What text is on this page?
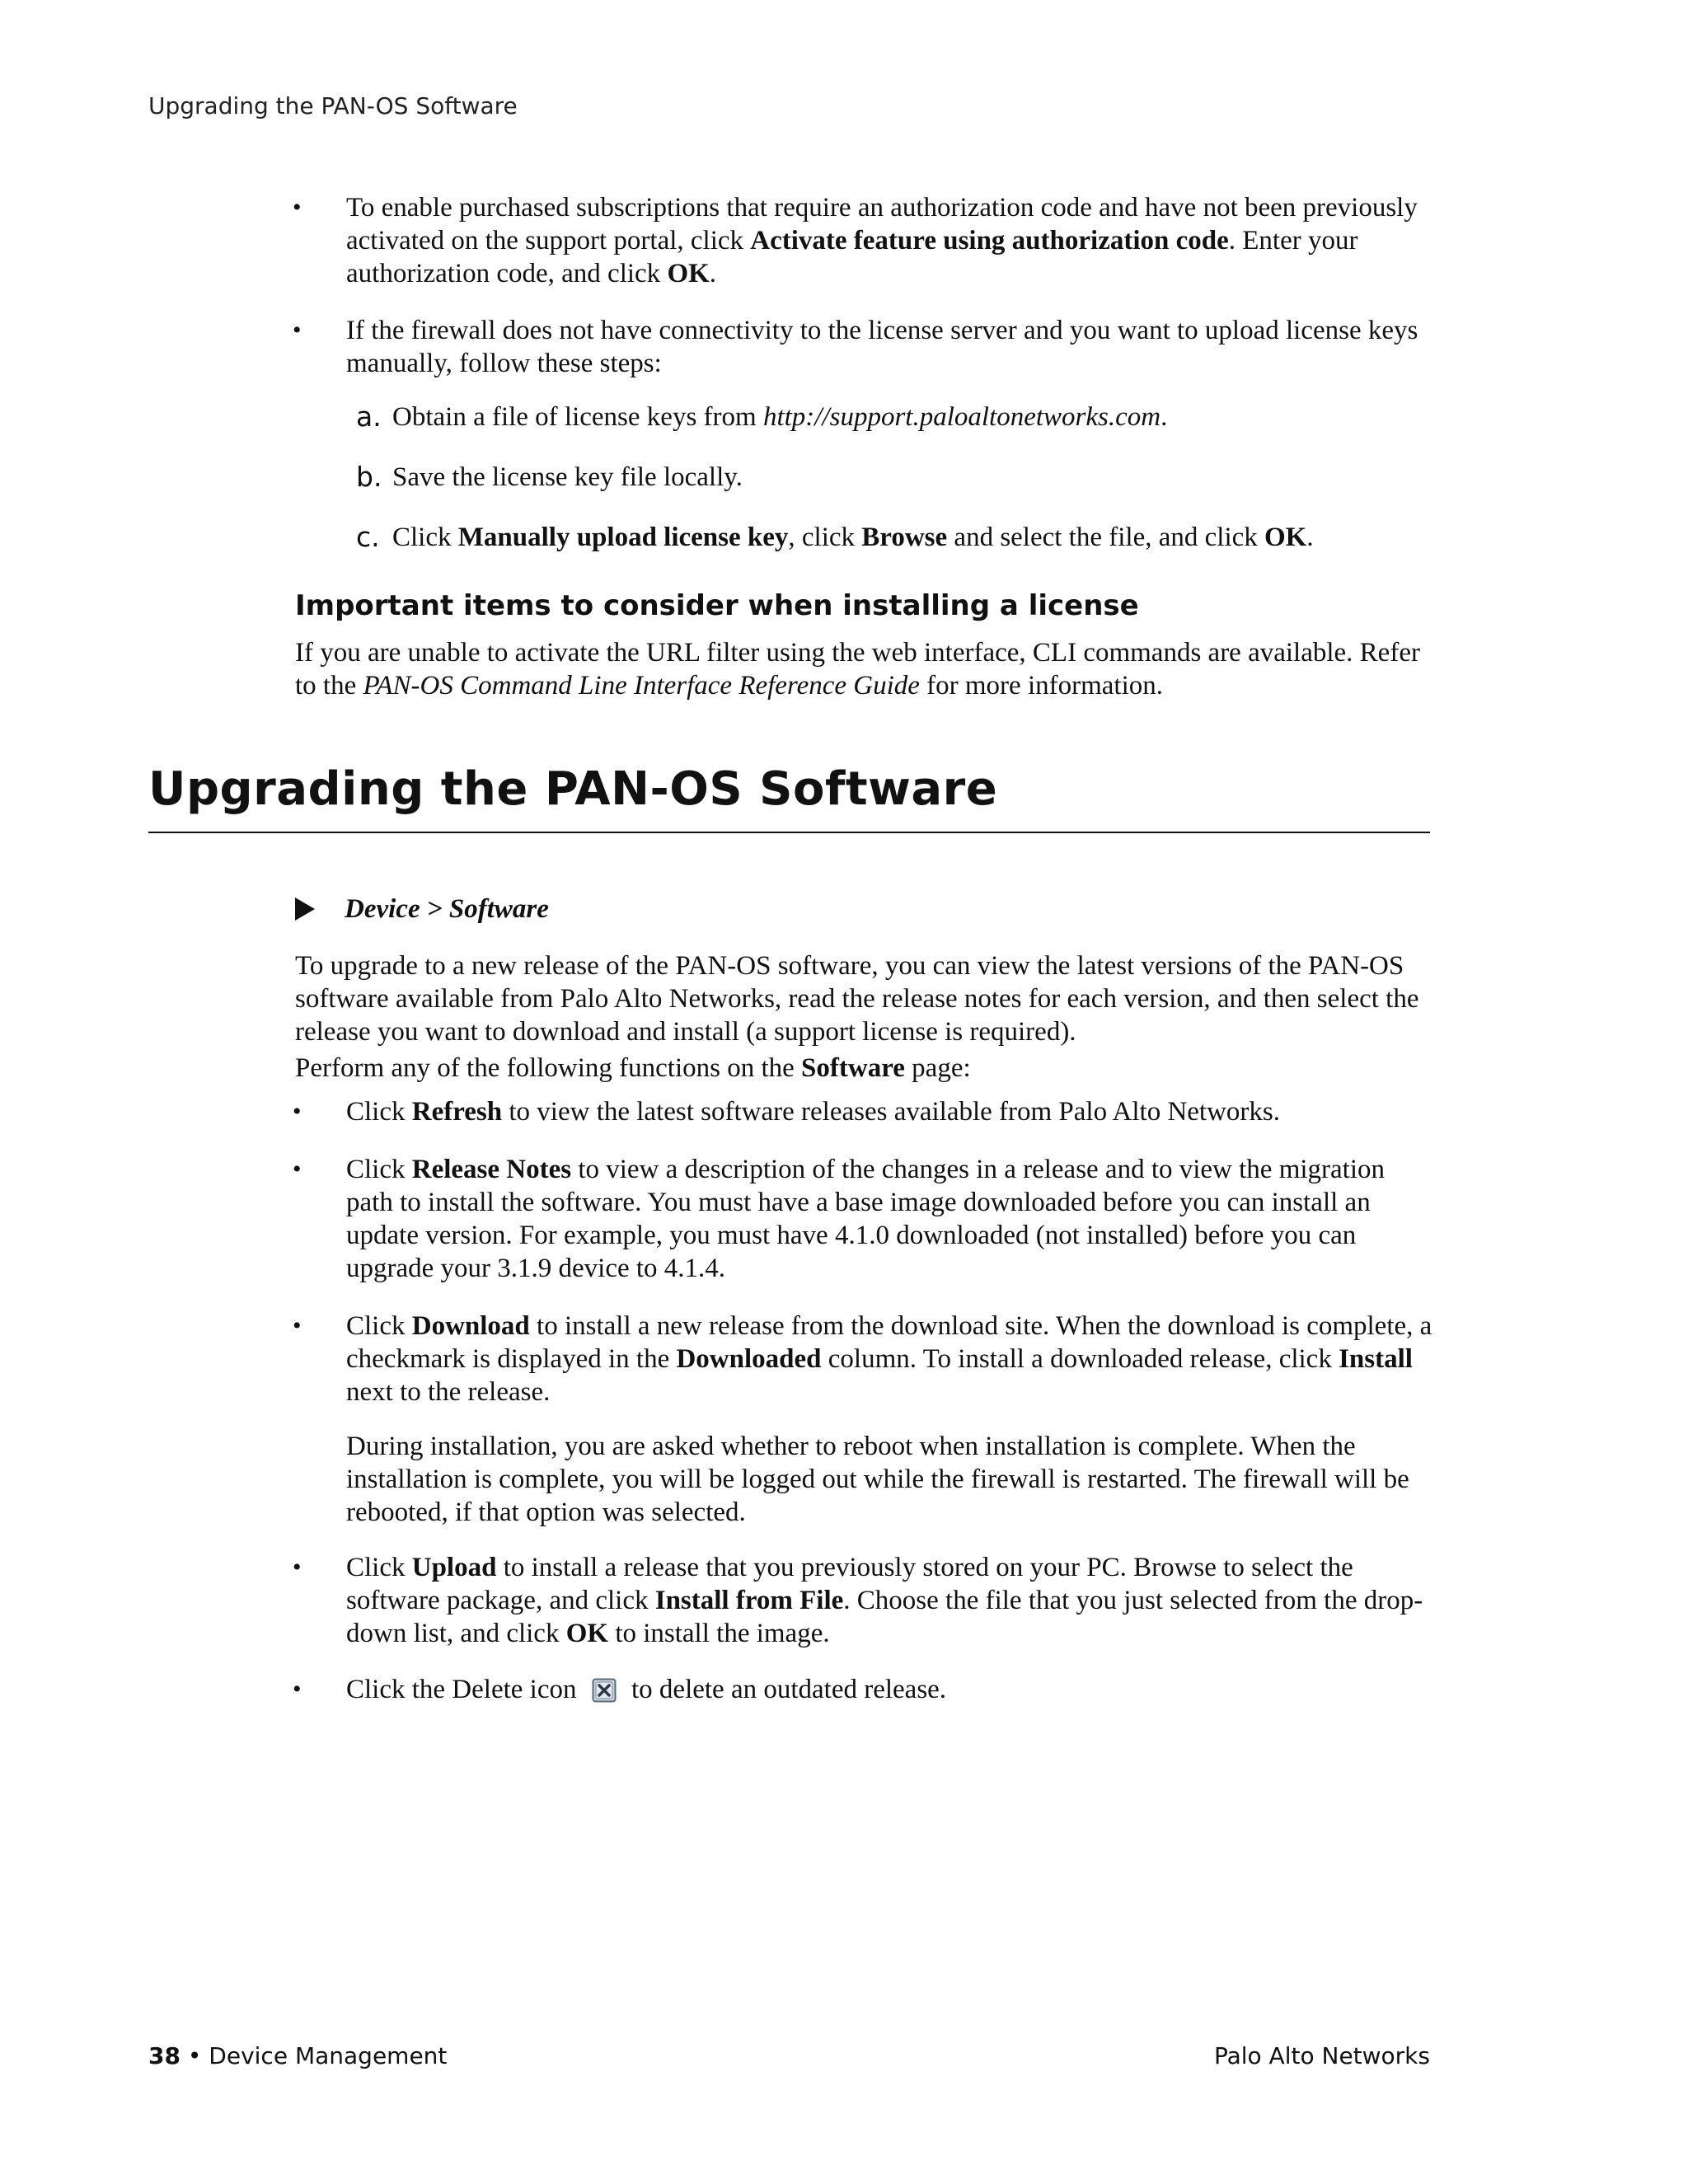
Upgrading the PAN-OS Software
• To enable purchased subscriptions that require an authorization code and have not been previously activated on the support portal, click Activate feature using authorization code. Enter your authorization code, and click OK.
• If the firewall does not have connectivity to the license server and you want to upload license keys manually, follow these steps:
a. Obtain a file of license keys from http://support.paloaltonetworks.com.
b. Save the license key file locally.
c. Click Manually upload license key, click Browse and select the file, and click OK.
Important items to consider when installing a license
If you are unable to activate the URL filter using the web interface, CLI commands are available. Refer to the PAN-OS Command Line Interface Reference Guide for more information.
Upgrading the PAN-OS Software
Device > Software
To upgrade to a new release of the PAN-OS software, you can view the latest versions of the PAN-OS software available from Palo Alto Networks, read the release notes for each version, and then select the release you want to download and install (a support license is required).
Perform any of the following functions on the Software page:
• Click Refresh to view the latest software releases available from Palo Alto Networks.
• Click Release Notes to view a description of the changes in a release and to view the migration path to install the software. You must have a base image downloaded before you can install an update version. For example, you must have 4.1.0 downloaded (not installed) before you can upgrade your 3.1.9 device to 4.1.4.
• Click Download to install a new release from the download site. When the download is complete, a checkmark is displayed in the Downloaded column. To install a downloaded release, click Install next to the release.
During installation, you are asked whether to reboot when installation is complete. When the installation is complete, you will be logged out while the firewall is restarted. The firewall will be rebooted, if that option was selected.
• Click Upload to install a release that you previously stored on your PC. Browse to select the software package, and click Install from File. Choose the file that you just selected from the drop-down list, and click OK to install the image.
• Click the Delete icon to delete an outdated release.
38 • Device Management	Palo Alto Networks
